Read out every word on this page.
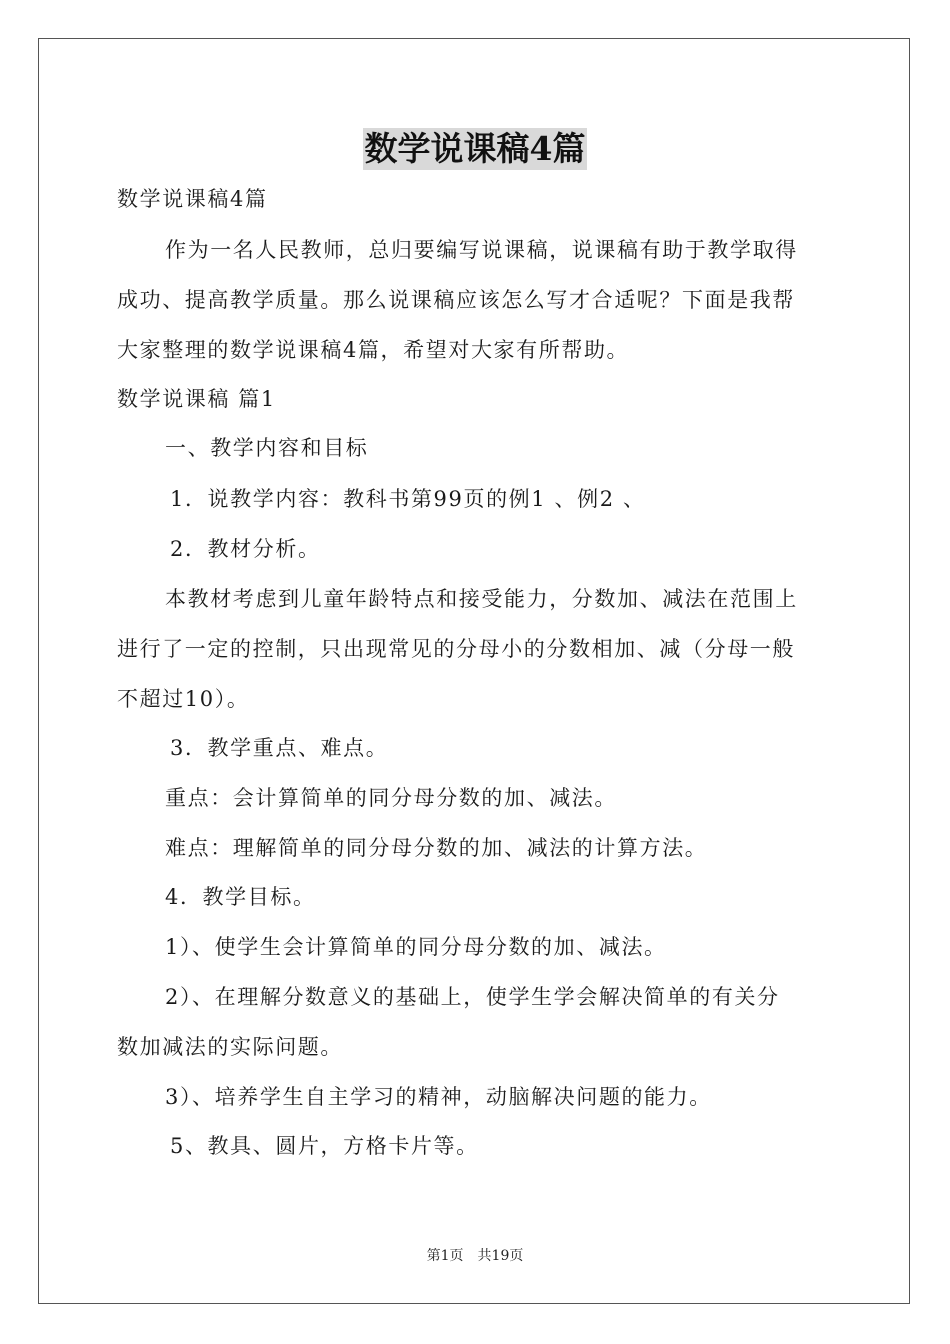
数学说课稿4篇

数学说课稿4篇

作为一名人民教师，总归要编写说课稿，说课稿有助于教学取得

成功、提高教学质量。那么说课稿应该怎么写才合适呢？下面是我帮

大家整理的数学说课稿4篇，希望对大家有所帮助。

数学说课稿 篇1

一、教学内容和目标

1．说教学内容：教科书第99页的例1 、例2 、

2．教材分析。

本教材考虑到儿童年龄特点和接受能力，分数加、减法在范围上

进行了一定的控制，只出现常见的分母小的分数相加、减（分母一般

不超过10）。

3．教学重点、难点。

重点：会计算简单的同分母分数的加、减法。

难点：理解简单的同分母分数的加、减法的计算方法。

4．教学目标。

1）、使学生会计算简单的同分母分数的加、减法。

2）、在理解分数意义的基础上，使学生学会解决简单的有关分

数加减法的实际问题。

3）、培养学生自主学习的精神，动脑解决问题的能力。

5、教具、圆片，方格卡片等。

第1页　共19页
